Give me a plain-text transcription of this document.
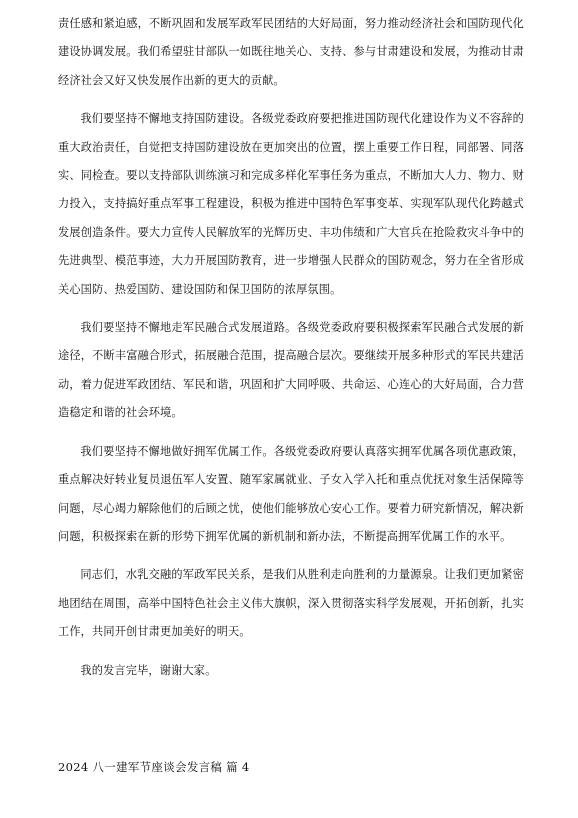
责任感和紧迫感，不断巩固和发展军政军民团结的大好局面，努力推动经济社会和国防现代化建设协调发展。我们希望驻甘部队一如既往地关心、支持、参与甘肃建设和发展，为推动甘肃经济社会又好又快发展作出新的更大的贡献。

我们要坚持不懈地支持国防建设。各级党委政府要把推进国防现代化建设作为义不容辞的重大政治责任，自觉把支持国防建设放在更加突出的位置，摆上重要工作日程，同部署、同落实、同检查。要以支持部队训练演习和完成多样化军事任务为重点，不断加大人力、物力、财力投入，支持搞好重点军事工程建设，积极为推进中国特色军事变革、实现军队现代化跨越式发展创造条件。要大力宣传人民解放军的光辉历史、丰功伟绩和广大官兵在抢险救灾斗争中的先进典型、模范事迹，大力开展国防教育，进一步增强人民群众的国防观念，努力在全省形成关心国防、热爱国防、建设国防和保卫国防的浓厚氛围。

我们要坚持不懈地走军民融合式发展道路。各级党委政府要积极探索军民融合式发展的新途径，不断丰富融合形式，拓展融合范围，提高融合层次。要继续开展多种形式的军民共建活动，着力促进军政团结、军民和谐，巩固和扩大同呼吸、共命运、心连心的大好局面，合力营造稳定和谐的社会环境。

我们要坚持不懈地做好拥军优属工作。各级党委政府要认真落实拥军优属各项优惠政策，重点解决好转业复员退伍军人安置、随军家属就业、子女入学入托和重点优抚对象生活保障等问题，尽心竭力解除他们的后顾之忧，使他们能够放心安心工作。要着力研究新情况，解决新问题，积极探索在新的形势下拥军优属的新机制和新办法，不断提高拥军优属工作的水平。

同志们，水乳交融的军政军民关系，是我们从胜利走向胜利的力量源泉。让我们更加紧密地团结在周围，高举中国特色社会主义伟大旗帜，深入贯彻落实科学发展观，开拓创新，扎实工作，共同开创甘肃更加美好的明天。

我的发言完毕，谢谢大家。

2024 八一建军节座谈会发言稿 篇 4
